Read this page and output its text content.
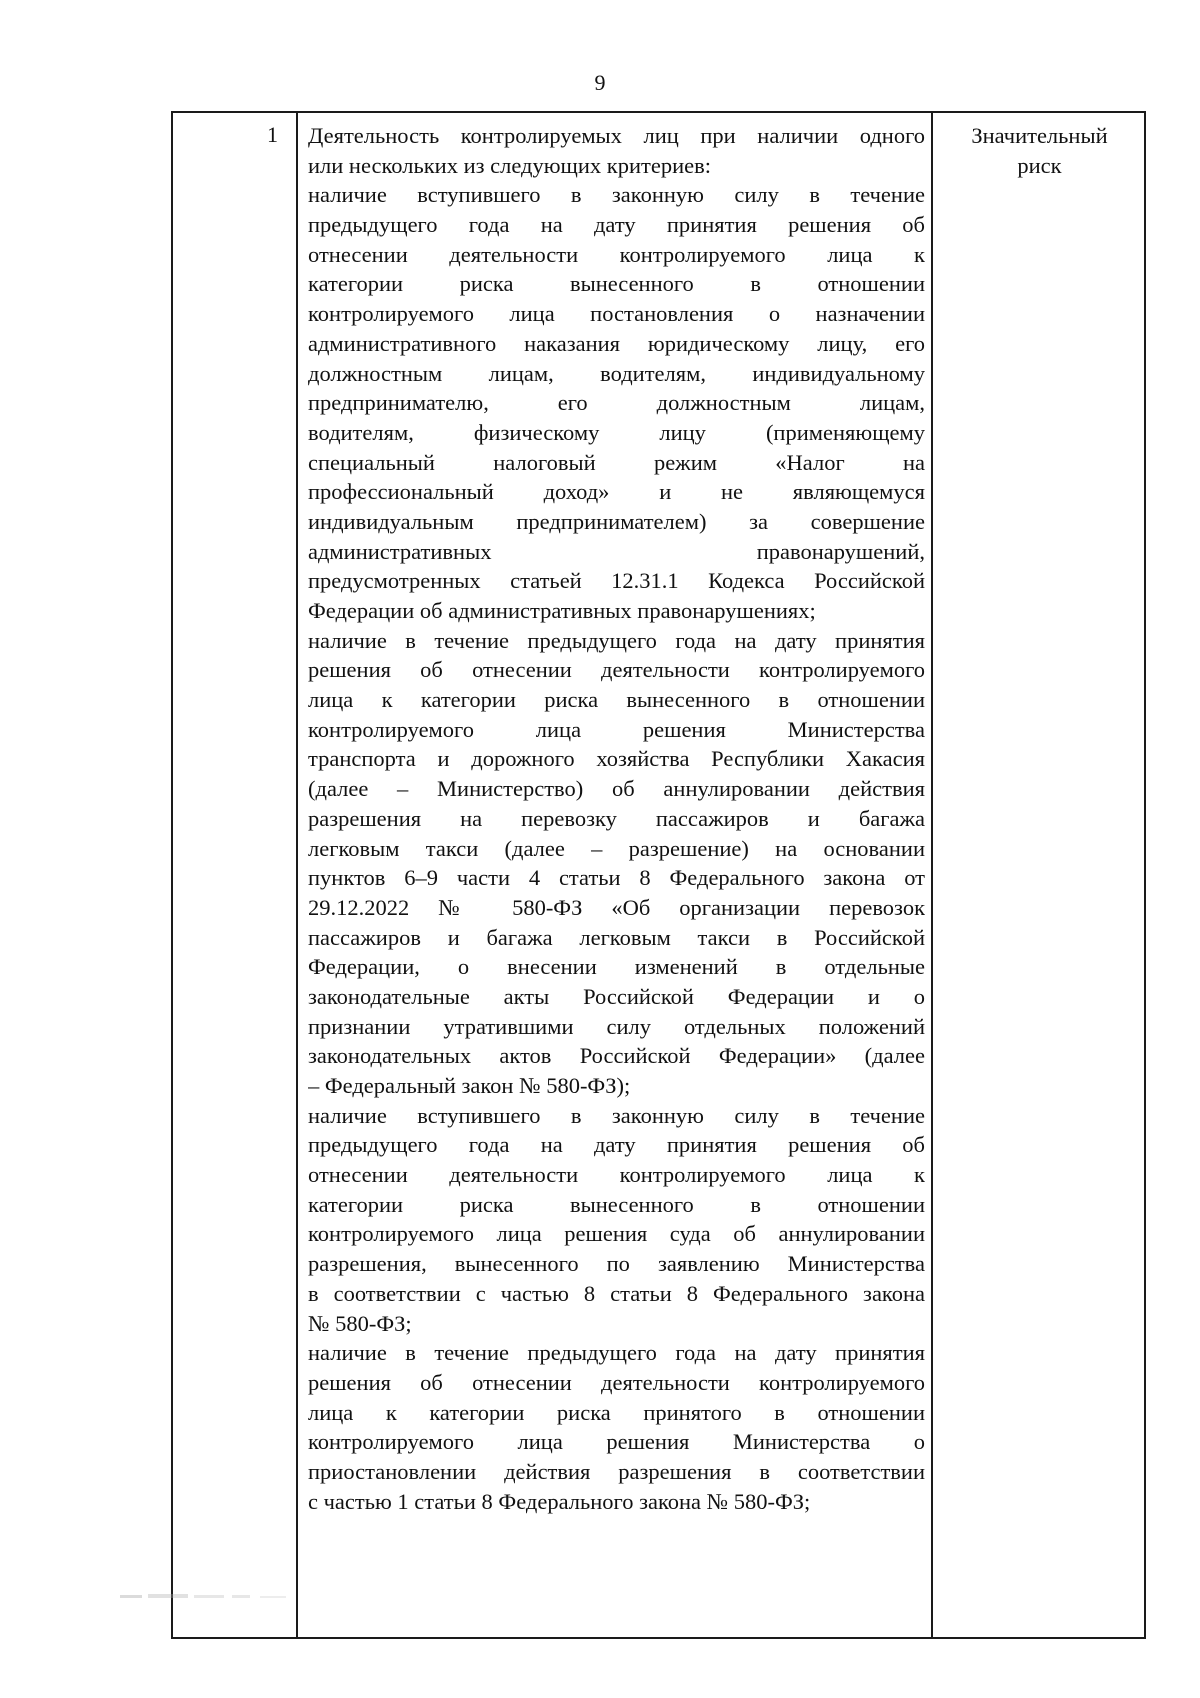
9
1 Деятельность контролируемых лиц при наличии одного
или нескольких из следующих критериев:
наличие вступившего в законную силу в течение
предыдущего года на дату принятия решения об
отнесении деятельности контролируемого лица к
категории риска вынесенного в отношении
контролируемого лица постановления о назначении
административного наказания юридическому лицу, его
должностным лицам, водителям, индивидуальному
предпринимателю, его должностным лицам,
водителям, физическому лицу (применяющему
специальный налоговый режим «Налог на
профессиональный доход» и не являющемуся
индивидуальным предпринимателем) за совершение
административных правонарушений,
предусмотренных статьей 12.31.1 Кодекса Российской
Федерации об административных правонарушениях;
наличие в течение предыдущего года на дату принятия
решения об отнесении деятельности контролируемого
лица к категории риска вынесенного в отношении
контролируемого лица решения Министерства
транспорта и дорожного хозяйства Республики Хакасия
(далее – Министерство) об аннулировании действия
разрешения на перевозку пассажиров и багажа
легковым такси (далее – разрешение) на основании
пунктов 6–9 части 4 статьи 8 Федерального закона от
29.12.2022 № 580-ФЗ «Об организации перевозок
пассажиров и багажа легковым такси в Российской
Федерации, о внесении изменений в отдельные
законодательные акты Российской Федерации и о
признании утратившими силу отдельных положений
законодательных актов Российской Федерации» (далее
– Федеральный закон № 580-ФЗ);
наличие вступившего в законную силу в течение
предыдущего года на дату принятия решения об
отнесении деятельности контролируемого лица к
категории риска вынесенного в отношении
контролируемого лица решения суда об аннулировании
разрешения, вынесенного по заявлению Министерства
в соответствии с частью 8 статьи 8 Федерального закона
№ 580-ФЗ;
наличие в течение предыдущего года на дату принятия
решения об отнесении деятельности контролируемого
лица к категории риска принятого в отношении
контролируемого лица решения Министерства о
приостановлении действия разрешения в соответствии
с частью 1 статьи 8 Федерального закона № 580-ФЗ;
Значительный
риск
